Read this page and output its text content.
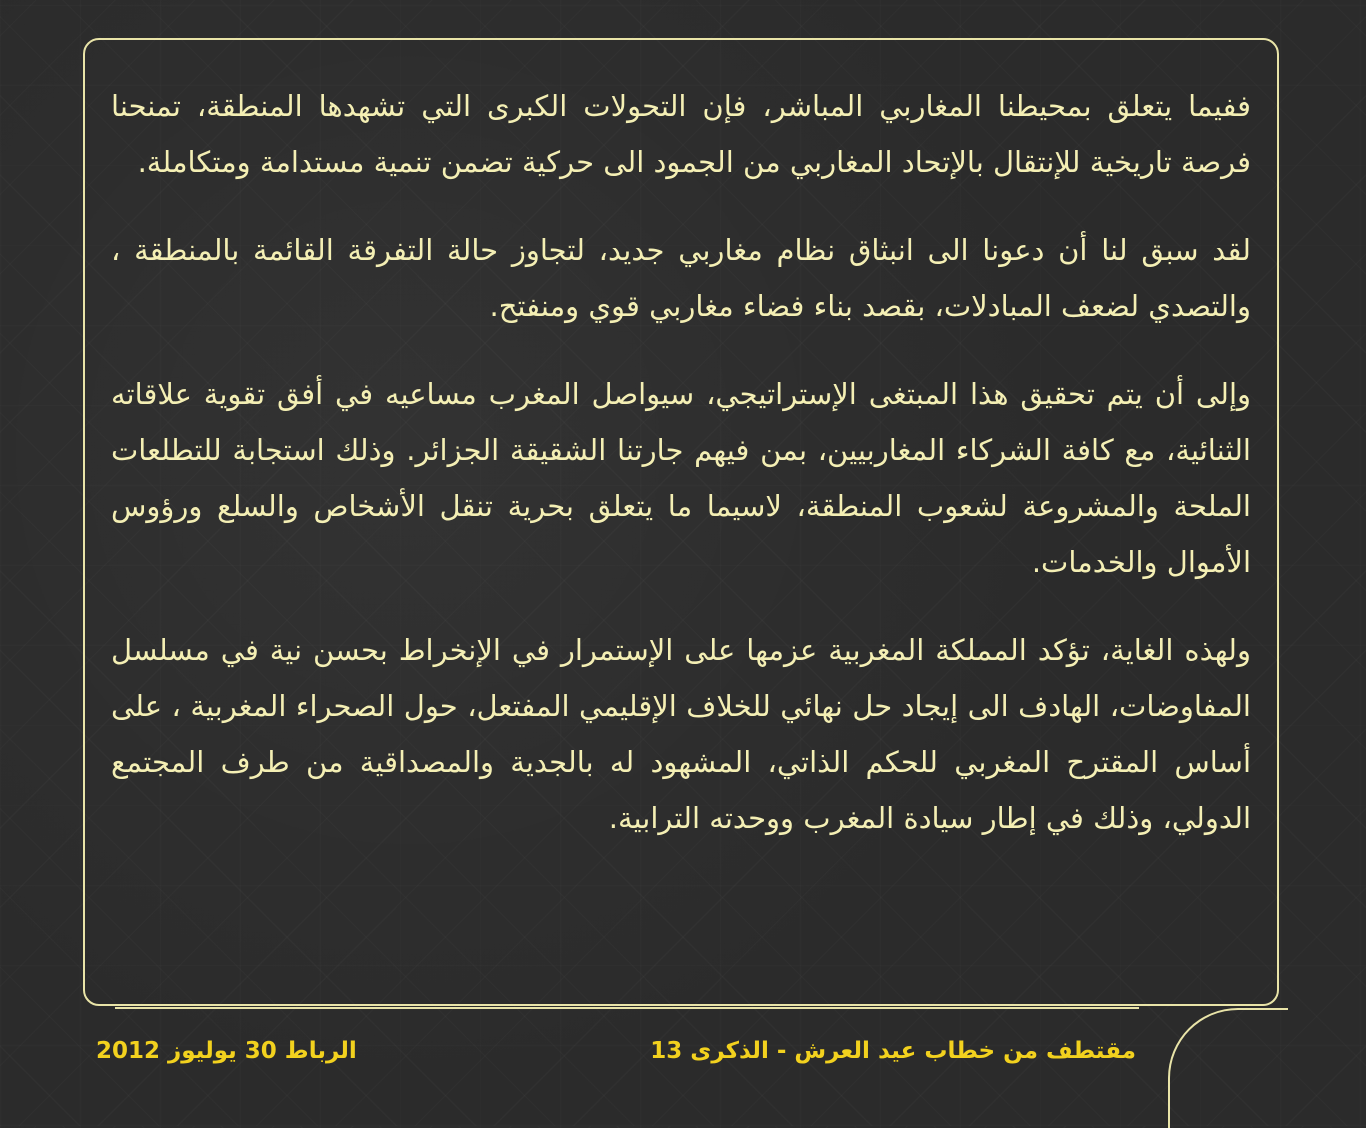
ففيما يتعلق بمحيطنا المغاربي المباشر، فإن التحولات الكبرى التي تشهدها المنطقة، تمنحنا فرصة تاريخية للإنتقال بالإتحاد المغاربي من الجمود الى حركية تضمن تنمية مستدامة ومتكاملة.

لقد سبق لنا أن دعونا الى انبثاق نظام مغاربي جديد، لتجاوز حالة التفرقة القائمة بالمنطقة ، والتصدي لضعف المبادلات، بقصد بناء فضاء مغاربي قوي ومنفتح.

وإلى أن يتم تحقيق هذا المبتغى الإستراتيجي، سيواصل المغرب مساعيه في أفق تقوية علاقاته الثنائية، مع كافة الشركاء المغاربيين، بمن فيهم جارتنا الشقيقة الجزائر. وذلك استجابة للتطلعات الملحة والمشروعة لشعوب المنطقة، لاسيما ما يتعلق بحرية تنقل الأشخاص والسلع ورؤوس الأموال والخدمات.

ولهذه الغاية، تؤكد المملكة المغربية عزمها على الإستمرار في الإنخراط بحسن نية في مسلسل المفاوضات، الهادف الى إيجاد حل نهائي للخلاف الإقليمي المفتعل، حول الصحراء المغربية ، على أساس المقترح المغربي للحكم الذاتي، المشهود له بالجدية والمصداقية من طرف المجتمع الدولي، وذلك في إطار سيادة المغرب ووحدته الترابية.

مقتطف من خطاب عيد العرش - الذكرى 13
الرباط 30 يوليوز 2012
